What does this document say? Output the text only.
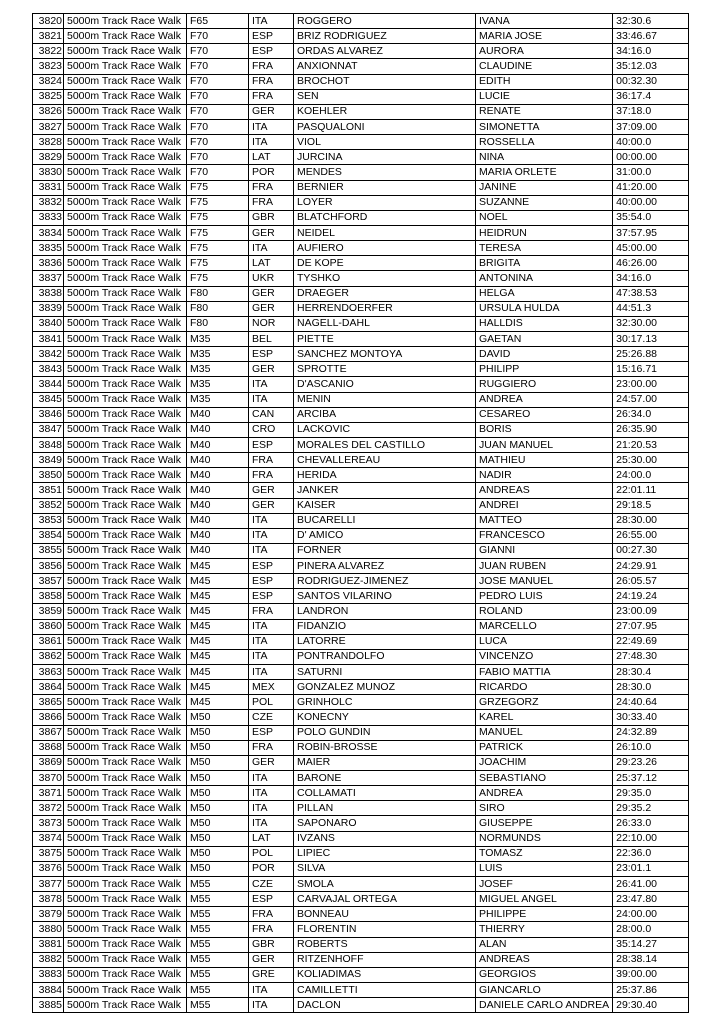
3820	5000m Track Race Walk	F65	ITA	ROGGERO	IVANA	32:30.6
3821	5000m Track Race Walk	F70	ESP	BRIZ RODRIGUEZ	MARIA JOSE	33:46.67
3822	5000m Track Race Walk	F70	ESP	ORDAS ALVAREZ	AURORA	34:16.0
3823	5000m Track Race Walk	F70	FRA	ANXIONNAT	CLAUDINE	35:12.03
3824	5000m Track Race Walk	F70	FRA	BROCHOT	EDITH	00:32.30
3825	5000m Track Race Walk	F70	FRA	SEN	LUCIE	36:17.4
3826	5000m Track Race Walk	F70	GER	KOEHLER	RENATE	37:18.0
3827	5000m Track Race Walk	F70	ITA	PASQUALONI	SIMONETTA	37:09.00
3828	5000m Track Race Walk	F70	ITA	VIOL	ROSSELLA	40:00.0
3829	5000m Track Race Walk	F70	LAT	JURCINA	NINA	00:00.00
3830	5000m Track Race Walk	F70	POR	MENDES	MARIA ORLETE	31:00.0
3831	5000m Track Race Walk	F75	FRA	BERNIER	JANINE	41:20.00
3832	5000m Track Race Walk	F75	FRA	LOYER	SUZANNE	40:00.00
3833	5000m Track Race Walk	F75	GBR	BLATCHFORD	NOEL	35:54.0
3834	5000m Track Race Walk	F75	GER	NEIDEL	HEIDRUN	37:57.95
3835	5000m Track Race Walk	F75	ITA	AUFIERO	TERESA	45:00.00
3836	5000m Track Race Walk	F75	LAT	DE KOPE	BRIGITA	46:26.00
3837	5000m Track Race Walk	F75	UKR	TYSHKO	ANTONINA	34:16.0
3838	5000m Track Race Walk	F80	GER	DRAEGER	HELGA	47:38.53
3839	5000m Track Race Walk	F80	GER	HERRENDOERFER	URSULA HULDA	44:51.3
3840	5000m Track Race Walk	F80	NOR	NAGELL-DAHL	HALLDIS	32:30.00
3841	5000m Track Race Walk	M35	BEL	PIETTE	GAETAN	30:17.13
3842	5000m Track Race Walk	M35	ESP	SANCHEZ MONTOYA	DAVID	25:26.88
3843	5000m Track Race Walk	M35	GER	SPROTTE	PHILIPP	15:16.71
3844	5000m Track Race Walk	M35	ITA	D'ASCANIO	RUGGIERO	23:00.00
3845	5000m Track Race Walk	M35	ITA	MENIN	ANDREA	24:57.00
3846	5000m Track Race Walk	M40	CAN	ARCIBA	CESAREO	26:34.0
3847	5000m Track Race Walk	M40	CRO	LACKOVIC	BORIS	26:35.90
3848	5000m Track Race Walk	M40	ESP	MORALES DEL CASTILLO	JUAN MANUEL	21:20.53
3849	5000m Track Race Walk	M40	FRA	CHEVALLEREAU	MATHIEU	25:30.00
3850	5000m Track Race Walk	M40	FRA	HERIDA	NADIR	24:00.0
3851	5000m Track Race Walk	M40	GER	JANKER	ANDREAS	22:01.11
3852	5000m Track Race Walk	M40	GER	KAISER	ANDREI	29:18.5
3853	5000m Track Race Walk	M40	ITA	BUCARELLI	MATTEO	28:30.00
3854	5000m Track Race Walk	M40	ITA	D' AMICO	FRANCESCO	26:55.00
3855	5000m Track Race Walk	M40	ITA	FORNER	GIANNI	00:27.30
3856	5000m Track Race Walk	M45	ESP	PINERA ALVAREZ	JUAN RUBEN	24:29.91
3857	5000m Track Race Walk	M45	ESP	RODRIGUEZ-JIMENEZ	JOSE MANUEL	26:05.57
3858	5000m Track Race Walk	M45	ESP	SANTOS VILARINO	PEDRO LUIS	24:19.24
3859	5000m Track Race Walk	M45	FRA	LANDRON	ROLAND	23:00.09
3860	5000m Track Race Walk	M45	ITA	FIDANZIO	MARCELLO	27:07.95
3861	5000m Track Race Walk	M45	ITA	LATORRE	LUCA	22:49.69
3862	5000m Track Race Walk	M45	ITA	PONTRANDOLFO	VINCENZO	27:48.30
3863	5000m Track Race Walk	M45	ITA	SATURNI	FABIO MATTIA	28:30.4
3864	5000m Track Race Walk	M45	MEX	GONZALEZ MUNOZ	RICARDO	28:30.0
3865	5000m Track Race Walk	M45	POL	GRINHOLC	GRZEGORZ	24:40.64
3866	5000m Track Race Walk	M50	CZE	KONECNY	KAREL	30:33.40
3867	5000m Track Race Walk	M50	ESP	POLO GUNDIN	MANUEL	24:32.89
3868	5000m Track Race Walk	M50	FRA	ROBIN-BROSSE	PATRICK	26:10.0
3869	5000m Track Race Walk	M50	GER	MAIER	JOACHIM	29:23.26
3870	5000m Track Race Walk	M50	ITA	BARONE	SEBASTIANO	25:37.12
3871	5000m Track Race Walk	M50	ITA	COLLAMATI	ANDREA	29:35.0
3872	5000m Track Race Walk	M50	ITA	PILLAN	SIRO	29:35.2
3873	5000m Track Race Walk	M50	ITA	SAPONARO	GIUSEPPE	26:33.0
3874	5000m Track Race Walk	M50	LAT	IVZANS	NORMUNDS	22:10.00
3875	5000m Track Race Walk	M50	POL	LIPIEC	TOMASZ	22:36.0
3876	5000m Track Race Walk	M50	POR	SILVA	LUIS	23:01.1
3877	5000m Track Race Walk	M55	CZE	SMOLA	JOSEF	26:41.00
3878	5000m Track Race Walk	M55	ESP	CARVAJAL ORTEGA	MIGUEL ANGEL	23:47.80
3879	5000m Track Race Walk	M55	FRA	BONNEAU	PHILIPPE	24:00.00
3880	5000m Track Race Walk	M55	FRA	FLORENTIN	THIERRY	28:00.0
3881	5000m Track Race Walk	M55	GBR	ROBERTS	ALAN	35:14.27
3882	5000m Track Race Walk	M55	GER	RITZENHOFF	ANDREAS	28:38.14
3883	5000m Track Race Walk	M55	GRE	KOLIADIMAS	GEORGIOS	39:00.00
3884	5000m Track Race Walk	M55	ITA	CAMILLETTI	GIANCARLO	25:37.86
3885	5000m Track Race Walk	M55	ITA	DACLON	DANIELE CARLO ANDREA	29:30.40
